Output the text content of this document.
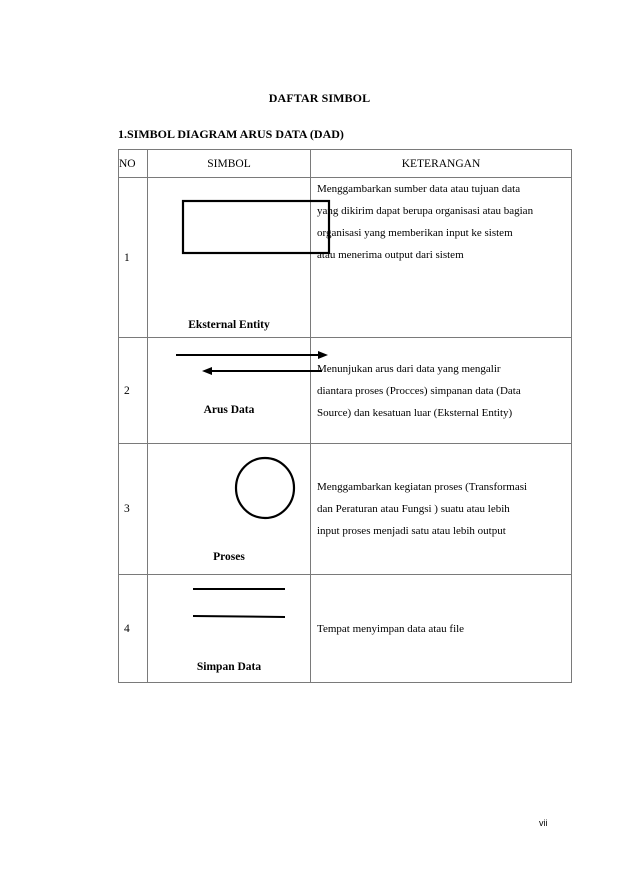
DAFTAR SIMBOL
1.SIMBOL DIAGRAM ARUS DATA (DAD)
NO	SIMBOL	KETERANGAN
1	Eksternal Entity	Menggambarkan sumber data atau tujuan data
yang dikirim dapat berupa organisasi atau bagian
organisasi yang memberikan input ke sistem
atau menerima output dari sistem

2	Arus Data	Menunjukan arus dari data yang mengalir
diantara proses (Procces) simpanan data (Data
Source) dan kesatuan luar (Eksternal Entity)

3	Proses	Menggambarkan kegiatan proses (Transformasi
dan Peraturan atau Fungsi ) suatu atau lebih
input proses menjadi satu atau lebih output

4	Simpan Data	Tempat menyimpan data atau file
vii
